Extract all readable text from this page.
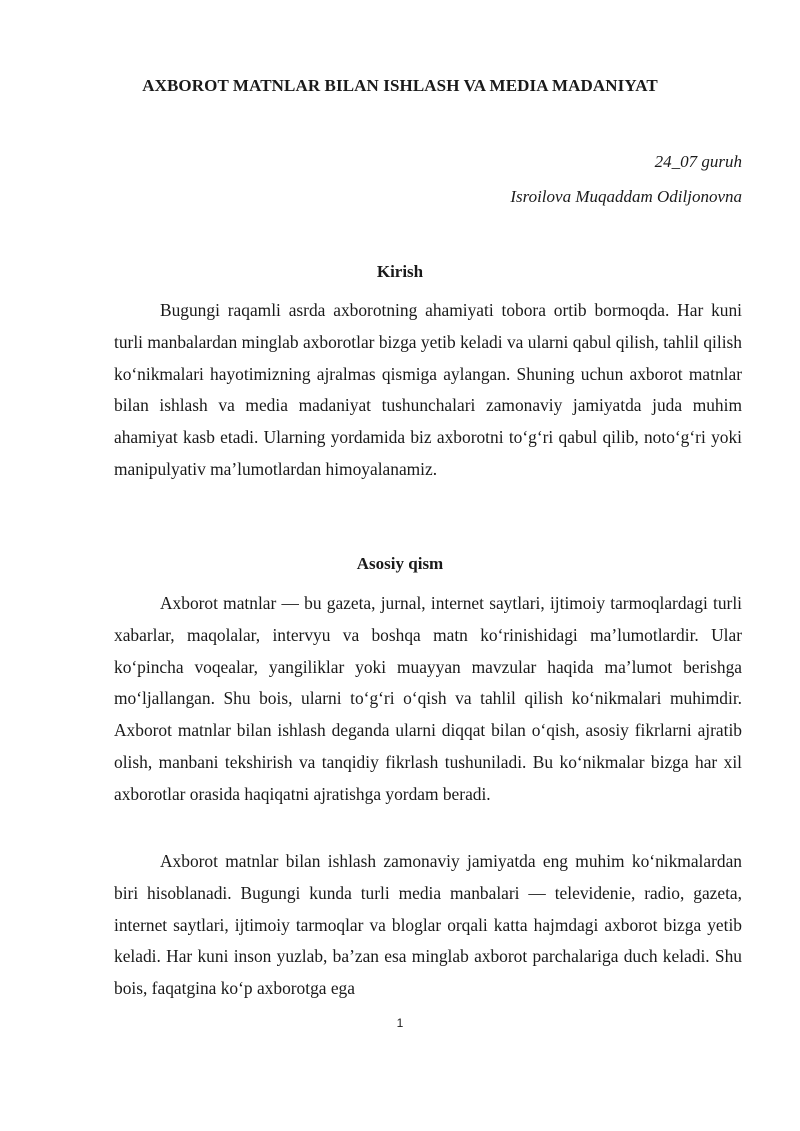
AXBOROT MATNLAR BILAN ISHLASH VA MEDIA MADANIYAT
24_07 guruh
Isroilova Muqaddam Odiljonovna
Kirish

Bugungi raqamli asrda axborotning ahamiyati tobora ortib bormoqda. Har kuni turli manbalardan minglab axborotlar bizga yetib keladi va ularni qabul qilish, tahlil qilish ko‘nikmalari hayotimizning ajralmas qismiga aylangan. Shuning uchun axborot matnlar bilan ishlash va media madaniyat tushunchalari zamonaviy jamiyatda juda muhim ahamiyat kasb etadi. Ularning yordamida biz axborotni to‘g‘ri qabul qilib, noto‘g‘ri yoki manipulyativ ma’lumotlardan himoyalanamiz.

Asosiy qism

Axborot matnlar — bu gazeta, jurnal, internet saytlari, ijtimoiy tarmoqlardagi turli xabarlar, maqolalar, intervyu va boshqa matn ko‘rinishidagi ma’lumotlardir. Ular ko‘pincha voqealar, yangiliklar yoki muayyan mavzular haqida ma’lumot berishga mo‘ljallangan. Shu bois, ularni to‘g‘ri o‘qish va tahlil qilish ko‘nikmalari muhimdir. Axborot matnlar bilan ishlash deganda ularni diqqat bilan o‘qish, asosiy fikrlarni ajratib olish, manbani tekshirish va tanqidiy fikrlash tushuniladi. Bu ko‘nikmalar bizga har xil axborotlar orasida haqiqatni ajratishga yordam beradi.

Axborot matnlar bilan ishlash zamonaviy jamiyatda eng muhim ko‘nikmalardan biri hisoblanadi. Bugungi kunda turli media manbalari — televidenie, radio, gazeta, internet saytlari, ijtimoiy tarmoqlar va bloglar orqali katta hajmdagi axborot bizga yetib keladi. Har kuni inson yuzlab, ba’zan esa minglab axborot parchalariga duch keladi. Shu bois, faqatgina ko‘p axborotga ega

1
